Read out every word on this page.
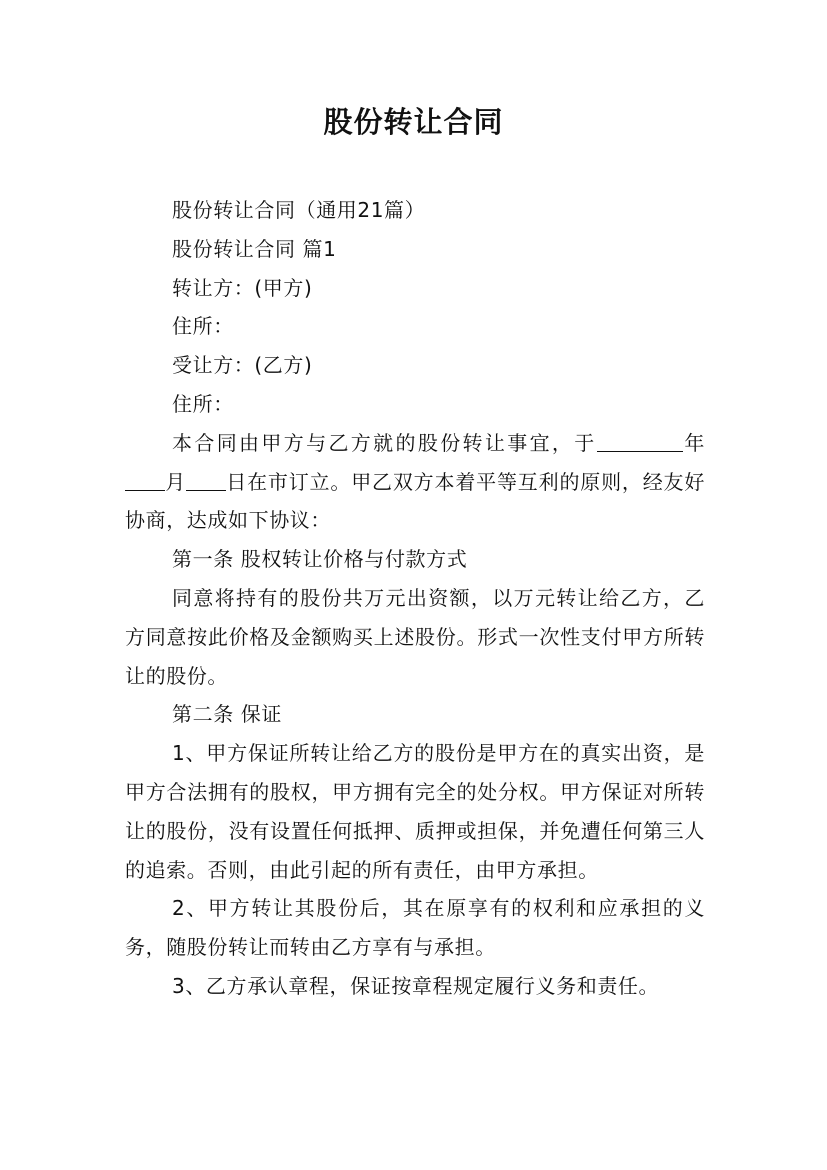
股份转让合同

股份转让合同（通用21篇）

股份转让合同 篇1

转让方：(甲方)

住所：

受让方：(乙方)

住所：

本合同由甲方与乙方就的股份转让事宜，于	年月 日在市订立。甲乙双方本着平等互利的原则，经友好协商，达成如下协议：

第一条 股权转让价格与付款方式

同意将持有的股份共万元出资额，以万元转让给乙方，乙方同意按此价格及金额购买上述股份。形式一次性支付甲方所转让的股份。

第二条 保证

1、甲方保证所转让给乙方的股份是甲方在的真实出资，是甲方合法拥有的股权，甲方拥有完全的处分权。甲方保证对所转让的股份，没有设置任何抵押、质押或担保，并免遭任何第三人的追索。否则，由此引起的所有责任，由甲方承担。

2、甲方转让其股份后，其在原享有的权利和应承担的义务，随股份转让而转由乙方享有与承担。

3、乙方承认章程，保证按章程规定履行义务和责任。
